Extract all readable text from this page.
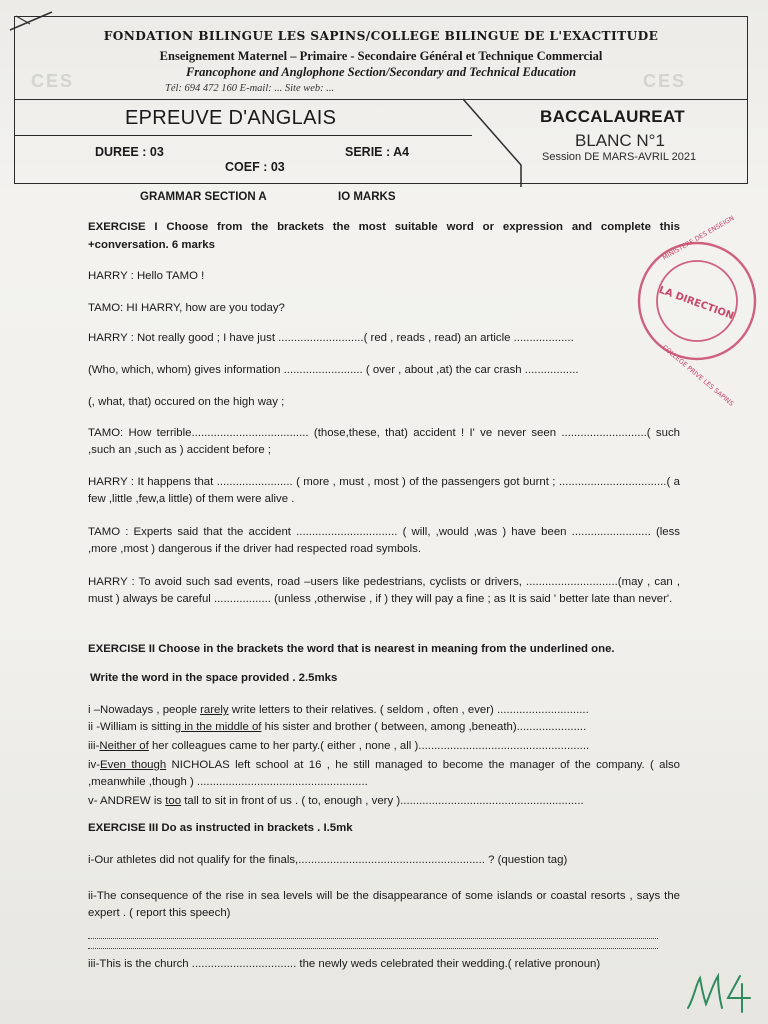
FONDATION BILINGUE LES SAPINS/COLLEGE BILINGUE DE L'EXACTITUDE
Enseignement Maternel – Primaire - Secondaire Général et Technique Commercial
Francophone and Anglophone Section/Secondary and Technical Education
Tél: 694 472 160 E-mail: ... Site web: ...
CES	CES
EPREUVE D'ANGLAIS	BACCALAUREAT
BLANC N°1
Session DE MARS-AVRIL 2021
DUREE : 03	SERIE : A4
COEF : 03
GRAMMAR SECTION A	IO MARKS
EXERCISE I Choose from the brackets the most suitable word or expression and complete this +conversation. 6 marks
HARRY : Hello TAMO !
TAMO: HI HARRY, how are you today?
HARRY : Not really good ; I have just ...........................( red , reads , read) an article ...................
(Who, which, whom) gives information ......................... ( over , about ,at) the car crash .................
(, what, that) occured on the high way ;
TAMO: How terrible..................................... (those,these, that) accident ! I' ve never seen ...........................( such ,such an ,such as ) accident before ;
HARRY : It happens that ........................ ( more , must , most ) of the passengers got burnt ; ..................................( a few ,little ,few,a little) of them were alive .
TAMO : Experts said that the accident ................................ ( will, ,would ,was ) have been ......................... (less ,more ,most ) dangerous if the driver had respected road symbols.
HARRY : To avoid such sad events, road –users like pedestrians, cyclists or drivers, .............................(may , can , must ) always be careful .................. (unless ,otherwise , if ) they will pay a fine ; as It is said ' better late than never'.
EXERCISE II Choose in the brackets the word that is nearest in meaning from the underlined one.
Write the word in the space provided . 2.5mks
i –Nowadays , people rarely write letters to their relatives. ( seldom , often , ever) .............................
ii -William is sitting in the middle of his sister and brother ( between, among ,beneath)......................
iii-Neither of her colleagues came to her party.( either , none , all )......................................................
iv-Even though NICHOLAS left school at 16 , he still managed to become the manager of the company. ( also ,meanwhile ,though ) ......................................................
v- ANDREW is too tall to sit in front of us . ( to, enough , very )..........................................................
EXERCISE III Do as instructed in brackets . I.5mk
i-Our athletes did not qualify for the finals,........................................................... ? (question tag)
ii-The consequence of the rise in sea levels will be the disappearance of some islands or coastal resorts , says the expert . ( report this speech)
iii-This is the church ................................. the newly weds celebrated their wedding.( relative pronoun)
LA DIRECTION
MINISTERE DES ENSEIGN
COLLEGE PRIVE LES SAPINS
